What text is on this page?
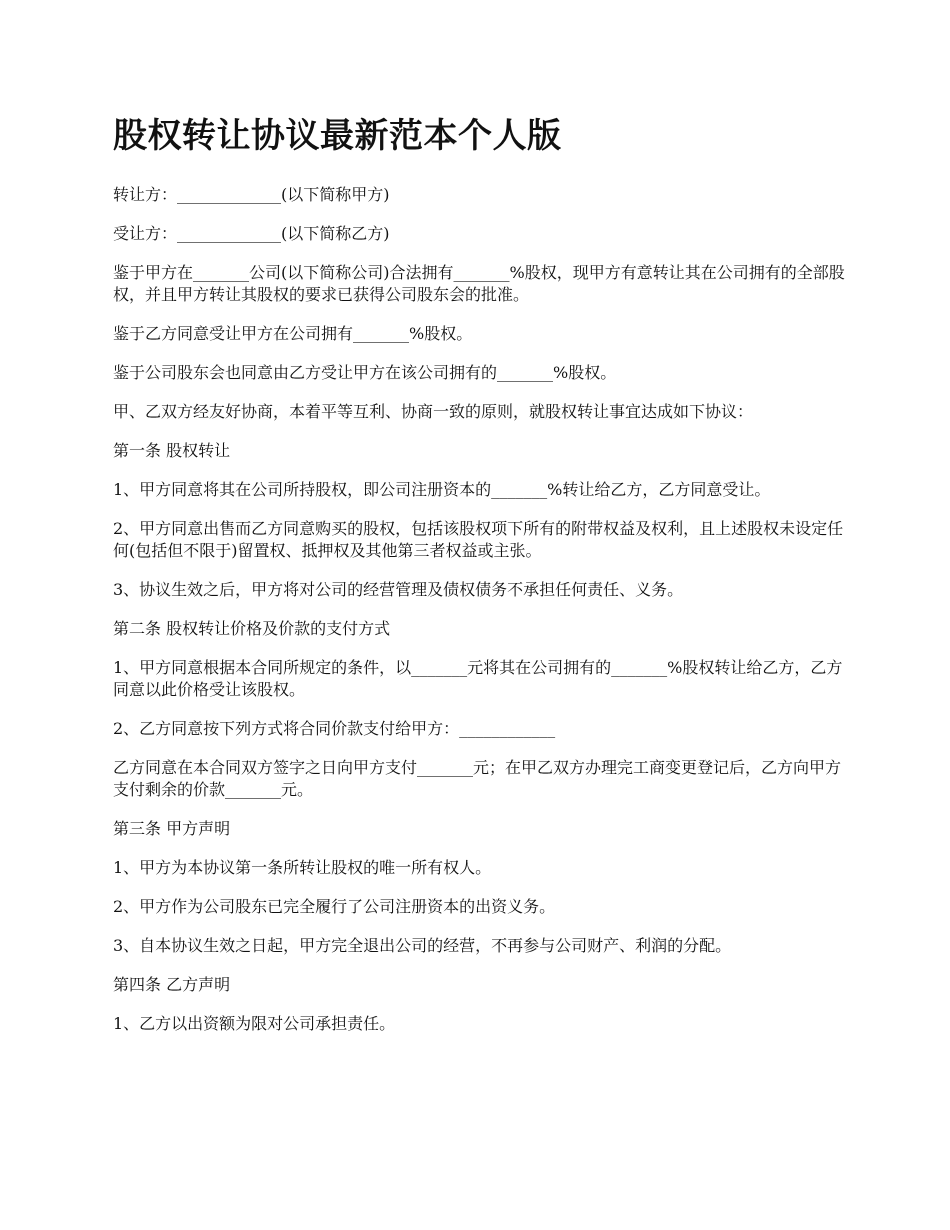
股权转让协议最新范本个人版

转让方：_____________(以下简称甲方)

受让方：_____________(以下简称乙方)

鉴于甲方在_______公司(以下简称公司)合法拥有_______%股权，现甲方有意转让其在公司拥有的全部股权，并且甲方转让其股权的要求已获得公司股东会的批准。

鉴于乙方同意受让甲方在公司拥有_______%股权。

鉴于公司股东会也同意由乙方受让甲方在该公司拥有的_______%股权。

甲、乙双方经友好协商，本着平等互利、协商一致的原则，就股权转让事宜达成如下协议：

第一条 股权转让

1、甲方同意将其在公司所持股权，即公司注册资本的_______%转让给乙方，乙方同意受让。

2、甲方同意出售而乙方同意购买的股权，包括该股权项下所有的附带权益及权利，且上述股权未设定任何(包括但不限于)留置权、抵押权及其他第三者权益或主张。

3、协议生效之后，甲方将对公司的经营管理及债权债务不承担任何责任、义务。

第二条 股权转让价格及价款的支付方式

1、甲方同意根据本合同所规定的条件，以_______元将其在公司拥有的_______%股权转让给乙方，乙方同意以此价格受让该股权。

2、乙方同意按下列方式将合同价款支付给甲方：____________

乙方同意在本合同双方签字之日向甲方支付_______元；在甲乙双方办理完工商变更登记后，乙方向甲方支付剩余的价款_______元。

第三条 甲方声明

1、甲方为本协议第一条所转让股权的唯一所有权人。

2、甲方作为公司股东已完全履行了公司注册资本的出资义务。

3、自本协议生效之日起，甲方完全退出公司的经营，不再参与公司财产、利润的分配。

第四条 乙方声明

1、乙方以出资额为限对公司承担责任。
